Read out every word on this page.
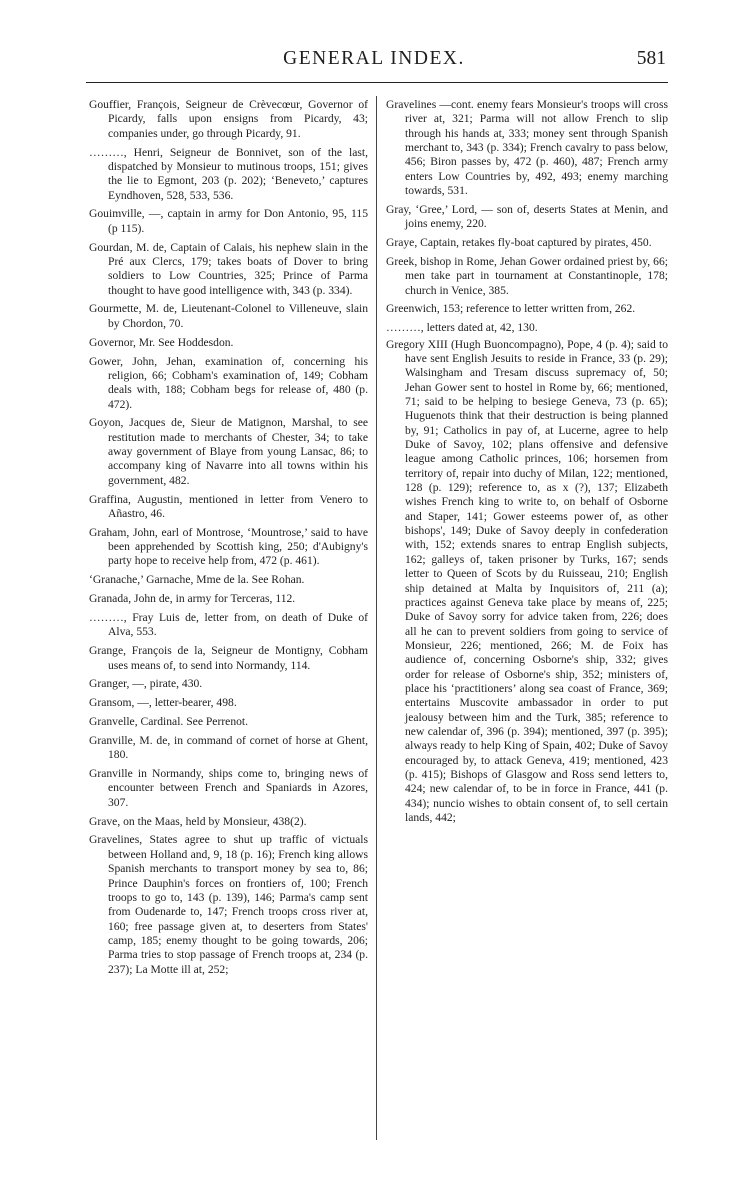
GENERAL INDEX.	581

Gouffier, François, Seigneur de Crèvecœur, Governor of Picardy, falls upon ensigns from Picardy, 43; companies under, go through Picardy, 91.

………, Henri, Seigneur de Bonnivet, son of the last, dispatched by Monsieur to mutinous troops, 151; gives the lie to Egmont, 203 (p. 202); ‘Beneveto,’ captures Eyndhoven, 528, 533, 536.

Gouimville, —, captain in army for Don Antonio, 95, 115 (p 115).

Gourdan, M. de, Captain of Calais, his nephew slain in the Pré aux Clercs, 179; takes boats of Dover to bring soldiers to Low Countries, 325; Prince of Parma thought to have good intelligence with, 343 (p. 334).

Gourmette, M. de, Lieutenant-Colonel to Villeneuve, slain by Chordon, 70.

Governor, Mr. See Hoddesdon.

Gower, John, Jehan, examination of, concerning his religion, 66; Cobham's examination of, 149; Cobham deals with, 188; Cobham begs for release of, 480 (p. 472).

Goyon, Jacques de, Sieur de Matignon, Marshal, to see restitution made to merchants of Chester, 34; to take away government of Blaye from young Lansac, 86; to accompany king of Navarre into all towns within his government, 482.

Graffina, Augustin, mentioned in letter from Venero to Añastro, 46.

Graham, John, earl of Montrose, ‘Mountrose,’ said to have been apprehended by Scottish king, 250; d'Aubigny's party hope to receive help from, 472 (p. 461).

‘Granache,’ Garnache, Mme de la. See Rohan.

Granada, John de, in army for Terceras, 112.

………, Fray Luis de, letter from, on death of Duke of Alva, 553.

Grange, François de la, Seigneur de Montigny, Cobham uses means of, to send into Normandy, 114.

Granger, —, pirate, 430.

Gransom, —, letter-bearer, 498.

Granvelle, Cardinal. See Perrenot.

Granville, M. de, in command of cornet of horse at Ghent, 180.

Granville in Normandy, ships come to, bringing news of encounter between French and Spaniards in Azores, 307.

Grave, on the Maas, held by Monsieur, 438(2).

Gravelines, States agree to shut up traffic of victuals between Holland and, 9, 18 (p. 16); French king allows Spanish merchants to transport money by sea to, 86; Prince Dauphin's forces on frontiers of, 100; French troops to go to, 143 (p. 139), 146; Parma's camp sent from Oudenarde to, 147; French troops cross river at, 160; free passage given at, to deserters from States' camp, 185; enemy thought to be going towards, 206; Parma tries to stop passage of French troops at, 234 (p. 237); La Motte ill at, 252;

Gravelines —cont. enemy fears Monsieur's troops will cross river at, 321; Parma will not allow French to slip through his hands at, 333; money sent through Spanish merchant to, 343 (p. 334); French cavalry to pass below, 456; Biron passes by, 472 (p. 460), 487; French army enters Low Countries by, 492, 493; enemy marching towards, 531.

Gray, ‘Gree,’ Lord, — son of, deserts States at Menin, and joins enemy, 220.

Graye, Captain, retakes fly-boat captured by pirates, 450.

Greek, bishop in Rome, Jehan Gower ordained priest by, 66; men take part in tournament at Constantinople, 178; church in Venice, 385.

Greenwich, 153; reference to letter written from, 262.

………, letters dated at, 42, 130.

Gregory XIII (Hugh Buoncompagno), Pope, 4 (p. 4); said to have sent English Jesuits to reside in France, 33 (p. 29); Walsingham and Tresam discuss supremacy of, 50; Jehan Gower sent to hostel in Rome by, 66; mentioned, 71; said to be helping to besiege Geneva, 73 (p. 65); Huguenots think that their destruction is being planned by, 91; Catholics in pay of, at Lucerne, agree to help Duke of Savoy, 102; plans offensive and defensive league among Catholic princes, 106; horsemen from territory of, repair into duchy of Milan, 122; mentioned, 128 (p. 129); reference to, as x (?), 137; Elizabeth wishes French king to write to, on behalf of Osborne and Staper, 141; Gower esteems power of, as other bishops', 149; Duke of Savoy deeply in confederation with, 152; extends snares to entrap English subjects, 162; galleys of, taken prisoner by Turks, 167; sends letter to Queen of Scots by du Ruisseau, 210; English ship detained at Malta by Inquisitors of, 211 (a); practices against Geneva take place by means of, 225; Duke of Savoy sorry for advice taken from, 226; does all he can to prevent soldiers from going to service of Monsieur, 226; mentioned, 266; M. de Foix has audience of, concerning Osborne's ship, 332; gives order for release of Osborne's ship, 352; ministers of, place his ‘practitioners’ along sea coast of France, 369; entertains Muscovite ambassador in order to put jealousy between him and the Turk, 385; reference to new calendar of, 396 (p. 394); mentioned, 397 (p. 395); always ready to help King of Spain, 402; Duke of Savoy encouraged by, to attack Geneva, 419; mentioned, 423 (p. 415); Bishops of Glasgow and Ross send letters to, 424; new calendar of, to be in force in France, 441 (p. 434); nuncio wishes to obtain consent of, to sell certain lands, 442;
